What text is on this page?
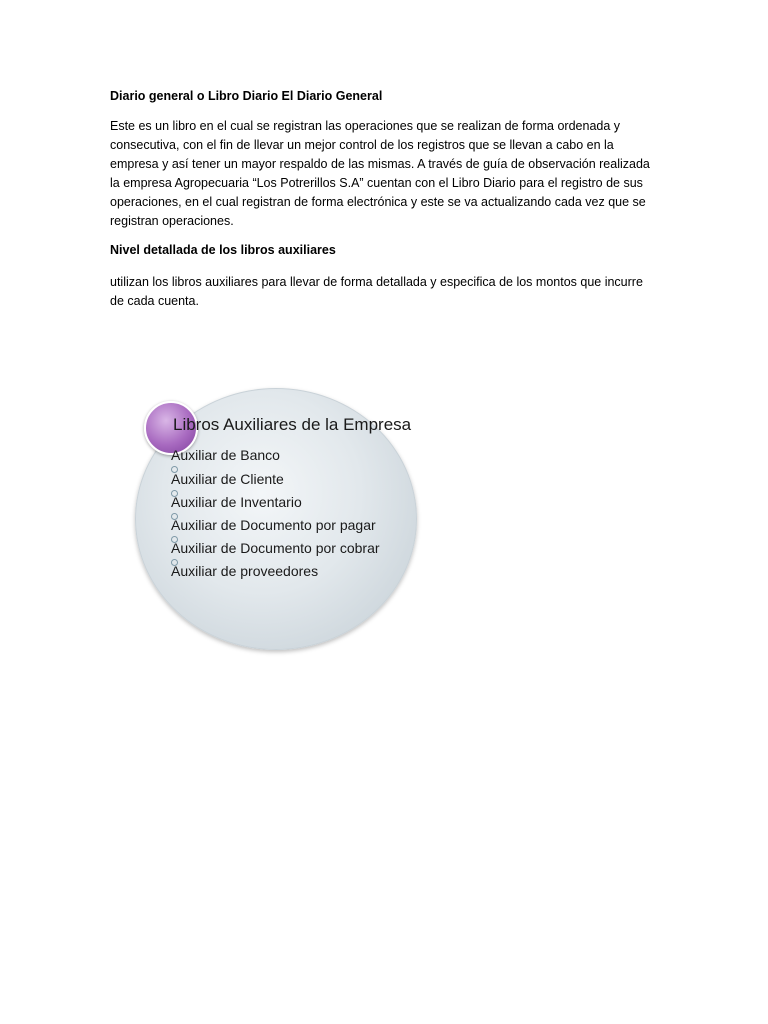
Diario general o Libro Diario El Diario General
Este es un libro en el cual se registran las operaciones que se realizan de forma ordenada y consecutiva, con el fin de llevar un mejor control de los registros que se llevan a cabo en la empresa y así tener un mayor respaldo de las mismas. A través de guía de observación realizada la empresa Agropecuaria “Los Potrerillos S.A” cuentan con el Libro Diario para el registro de sus operaciones, en el cual registran de forma electrónica y este se va actualizando cada vez que se registran operaciones.
Nivel detallada de los libros auxiliares
utilizan los libros auxiliares para llevar de forma detallada y especifica de los montos que incurre de cada cuenta.
Libros Auxiliares de la Empresa
Auxiliar de Banco
Auxiliar de Cliente
Auxiliar de Inventario
Auxiliar de Documento por pagar
Auxiliar de Documento por cobrar
Auxiliar de proveedores
